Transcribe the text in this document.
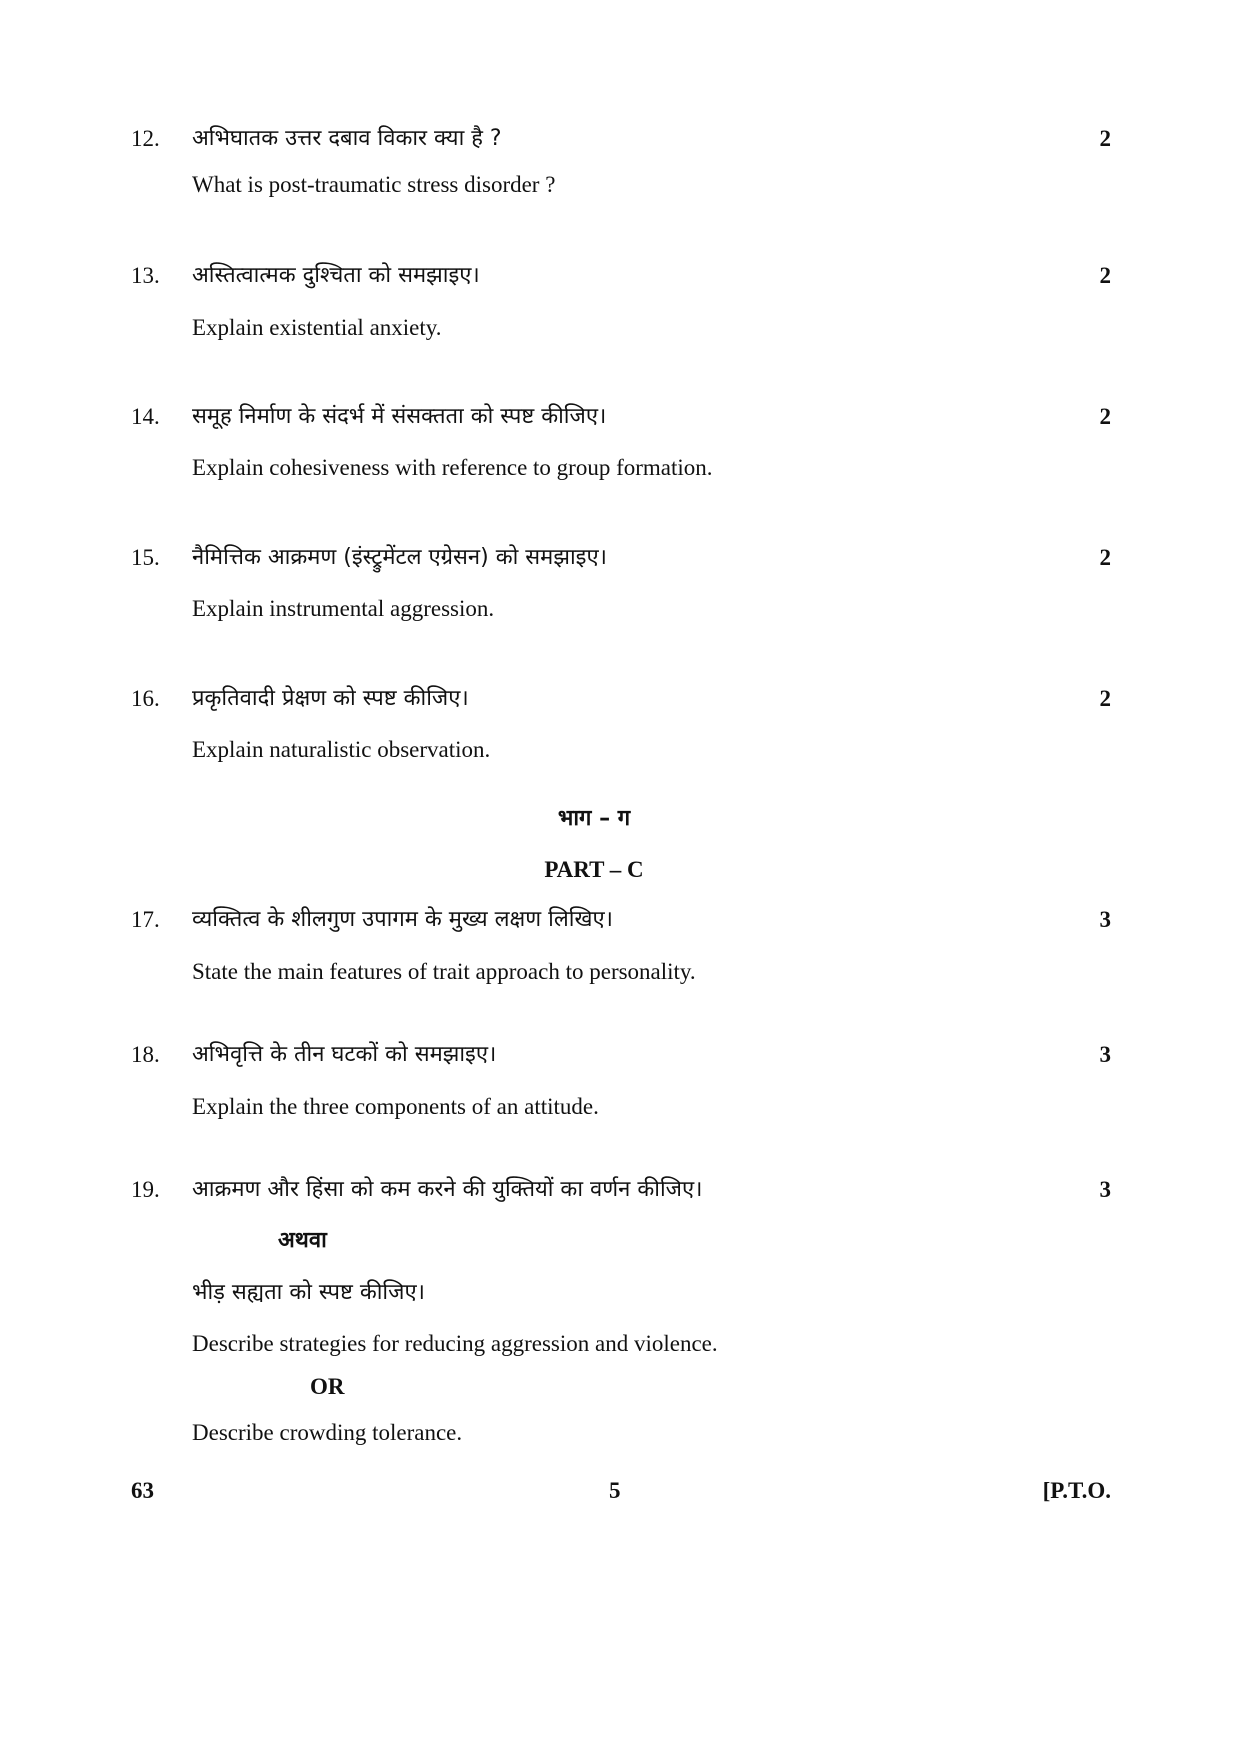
12. अभिघातक उत्तर दबाव विकार क्या है ?	2
What is post-traumatic stress disorder ?
13. अस्तित्वात्मक दुश्चिता को समझाइए।	2
Explain existential anxiety.
14. समूह निर्माण के संदर्भ में संसक्तता को स्पष्ट कीजिए।	2
Explain cohesiveness with reference to group formation.
15. नैमित्तिक आक्रमण (इंस्ट्रुमेंटल एग्रेसन) को समझाइए।	2
Explain instrumental aggression.
16. प्रकृतिवादी प्रेक्षण को स्पष्ट कीजिए।	2
Explain naturalistic observation.
भाग – ग
PART – C
17. व्यक्तित्व के शीलगुण उपागम के मुख्य लक्षण लिखिए।	3
State the main features of trait approach to personality.
18. अभिवृत्ति के तीन घटकों को समझाइए।	3
Explain the three components of an attitude.
19. आक्रमण और हिंसा को कम करने की युक्तियों का वर्णन कीजिए।	3
अथवा
भीड़ सह्यता को स्पष्ट कीजिए।
Describe strategies for reducing aggression and violence.
OR
Describe crowding tolerance.
63	5	[P.T.O.
